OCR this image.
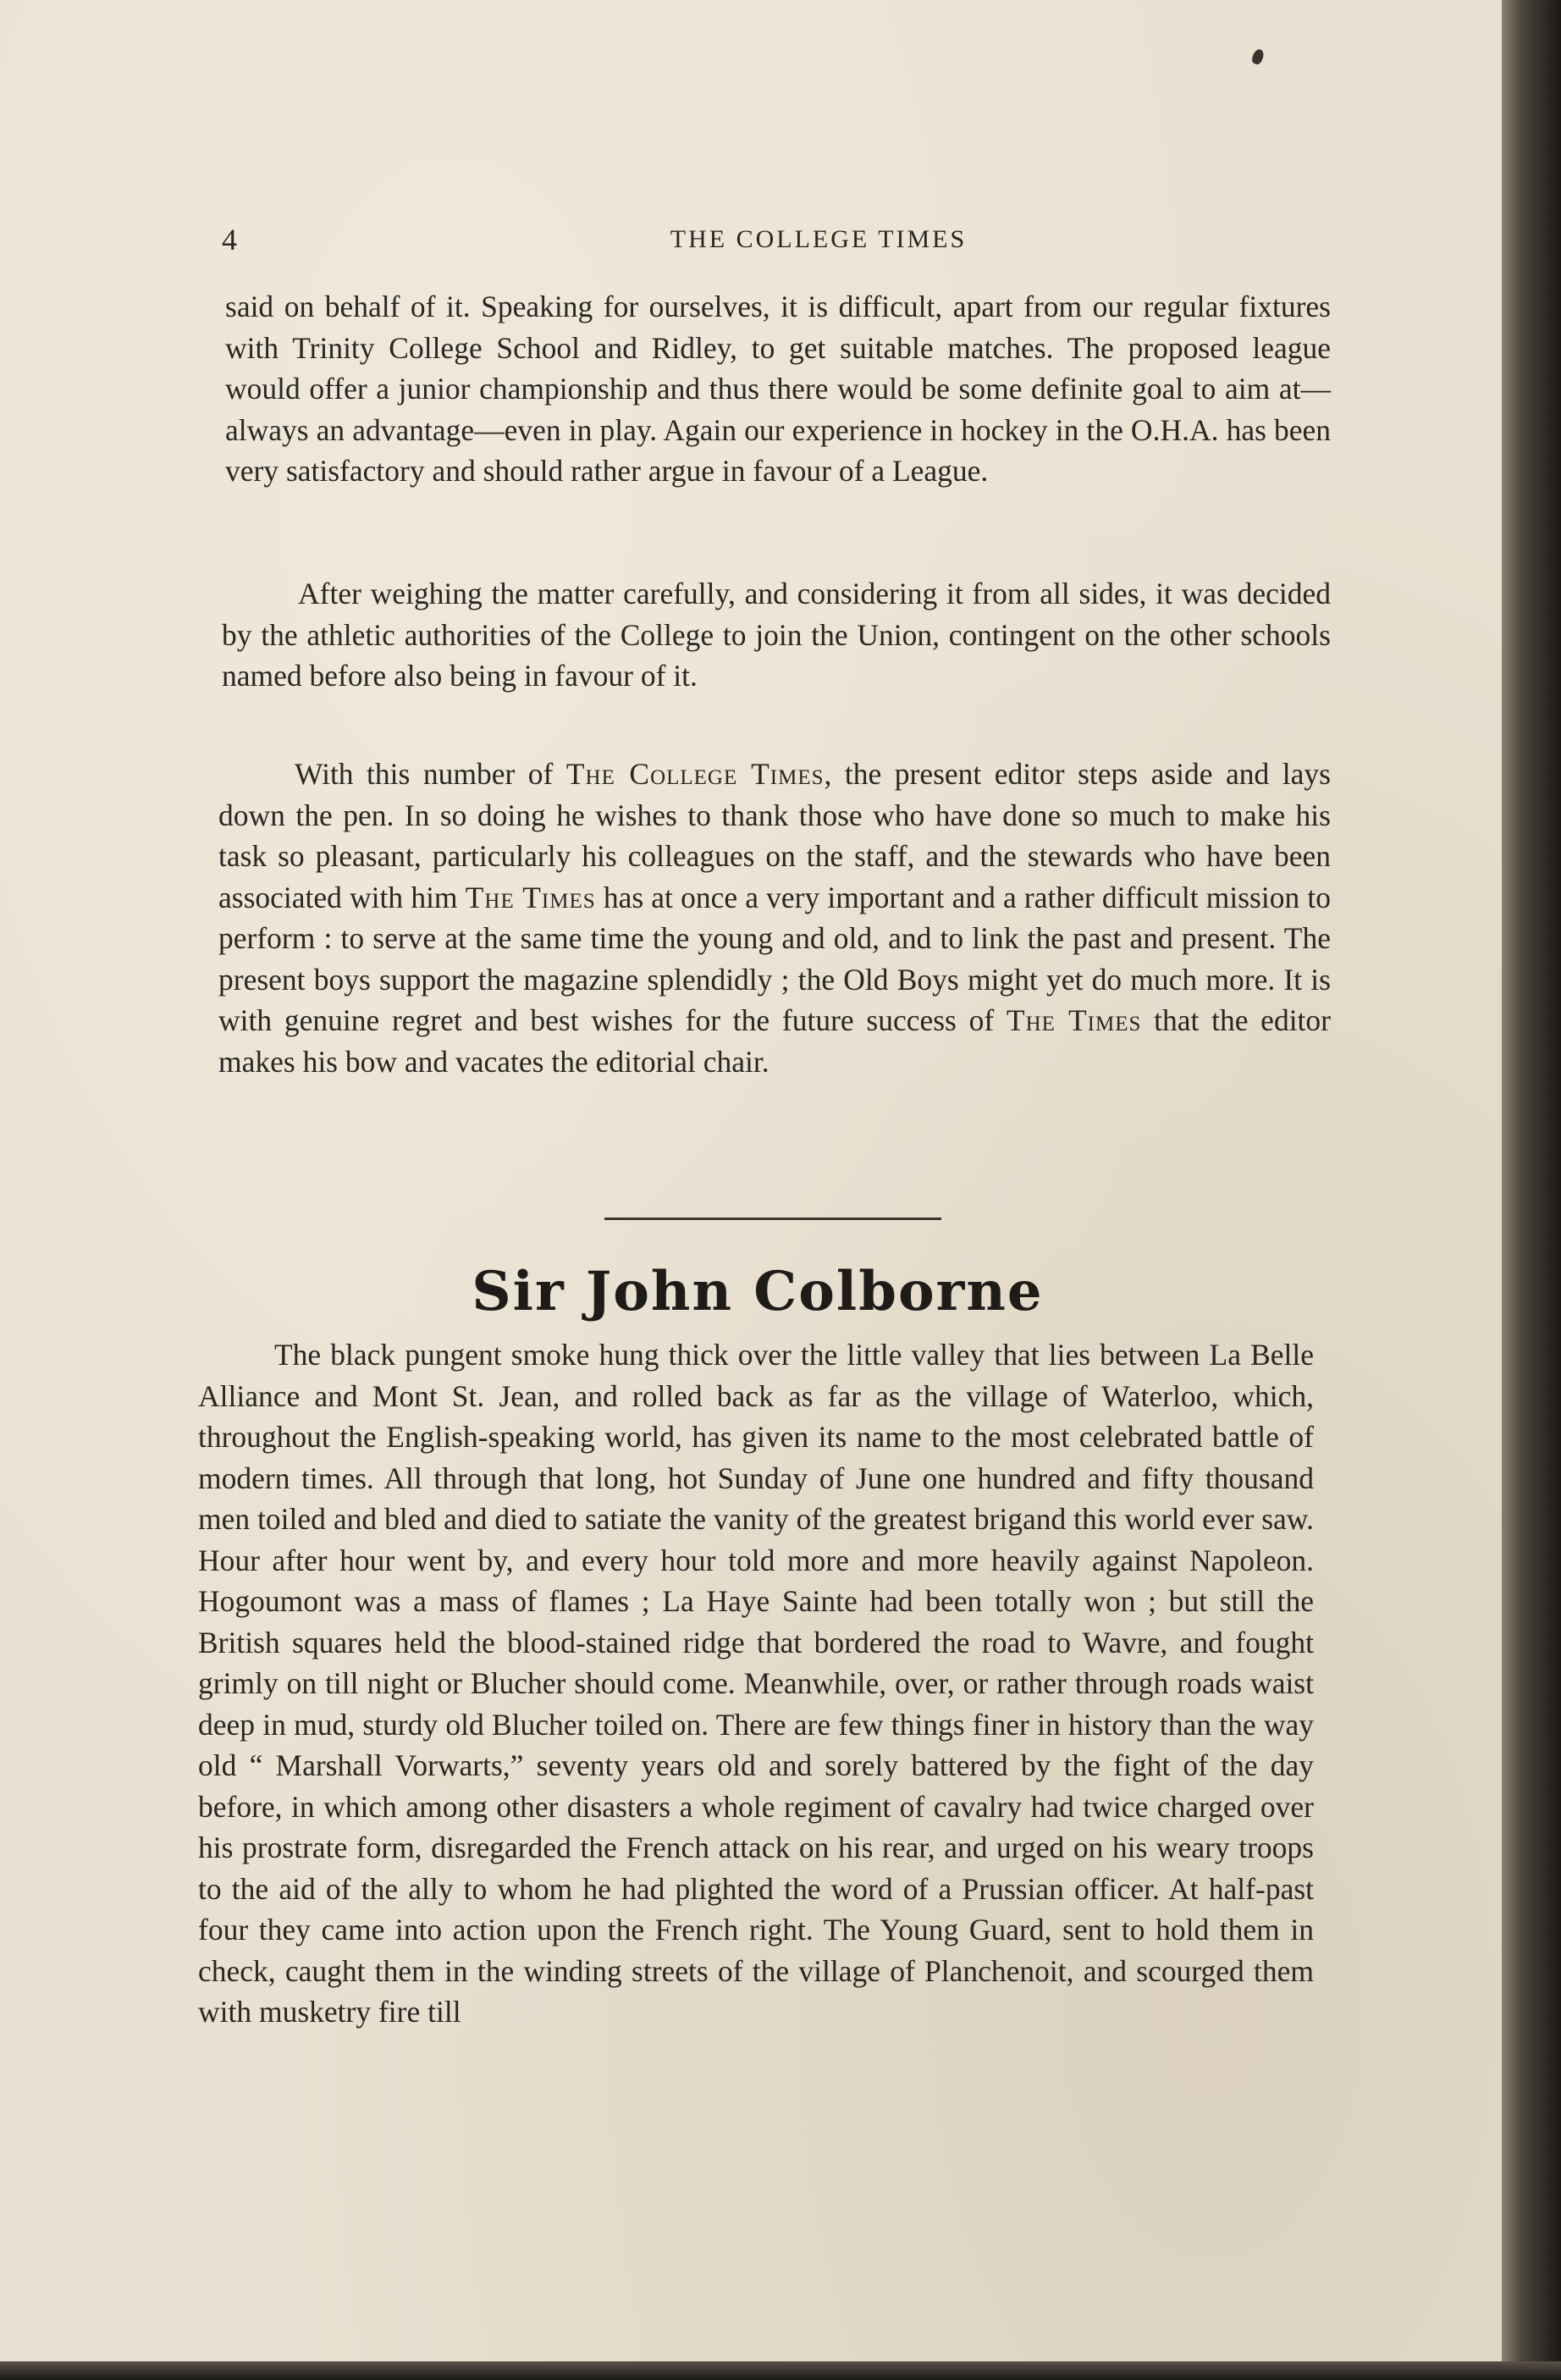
4	THE COLLEGE TIMES

said on behalf of it. Speaking for ourselves, it is difficult, apart from our regular fixtures with Trinity College School and Ridley, to get suitable matches. The proposed league would offer a junior championship and thus there would be some definite goal to aim at—always an advantage—even in play. Again our experience in hockey in the O.H.A. has been very satisfactory and should rather argue in favour of a League.

After weighing the matter carefully, and considering it from all sides, it was decided by the athletic authorities of the College to join the Union, contingent on the other schools named before also being in favour of it.

With this number of The College Times, the present editor steps aside and lays down the pen. In so doing he wishes to thank those who have done so much to make his task so pleasant, particularly his colleagues on the staff, and the stewards who have been associated with him The Times has at once a very important and a rather difficult mission to perform : to serve at the same time the young and old, and to link the past and present. The present boys support the magazine splendidly ; the Old Boys might yet do much more. It is with genuine regret and best wishes for the future success of The Times that the editor makes his bow and vacates the editorial chair.

Sir John Colborne

The black pungent smoke hung thick over the little valley that lies between La Belle Alliance and Mont St. Jean, and rolled back as far as the village of Waterloo, which, throughout the English-speaking world, has given its name to the most celebrated battle of modern times. All through that long, hot Sunday of June one hundred and fifty thousand men toiled and bled and died to satiate the vanity of the greatest brigand this world ever saw. Hour after hour went by, and every hour told more and more heavily against Napoleon. Hogoumont was a mass of flames ; La Haye Sainte had been totally won ; but still the British squares held the blood-stained ridge that bordered the road to Wavre, and fought grimly on till night or Blucher should come. Meanwhile, over, or rather through roads waist deep in mud, sturdy old Blucher toiled on. There are few things finer in history than the way old “ Marshall Vorwarts,” seventy years old and sorely battered by the fight of the day before, in which among other disasters a whole regiment of cavalry had twice charged over his prostrate form, disregarded the French attack on his rear, and urged on his weary troops to the aid of the ally to whom he had plighted the word of a Prussian officer. At half-past four they came into action upon the French right. The Young Guard, sent to hold them in check, caught them in the winding streets of the village of Planchenoit, and scourged them with musketry fire till
